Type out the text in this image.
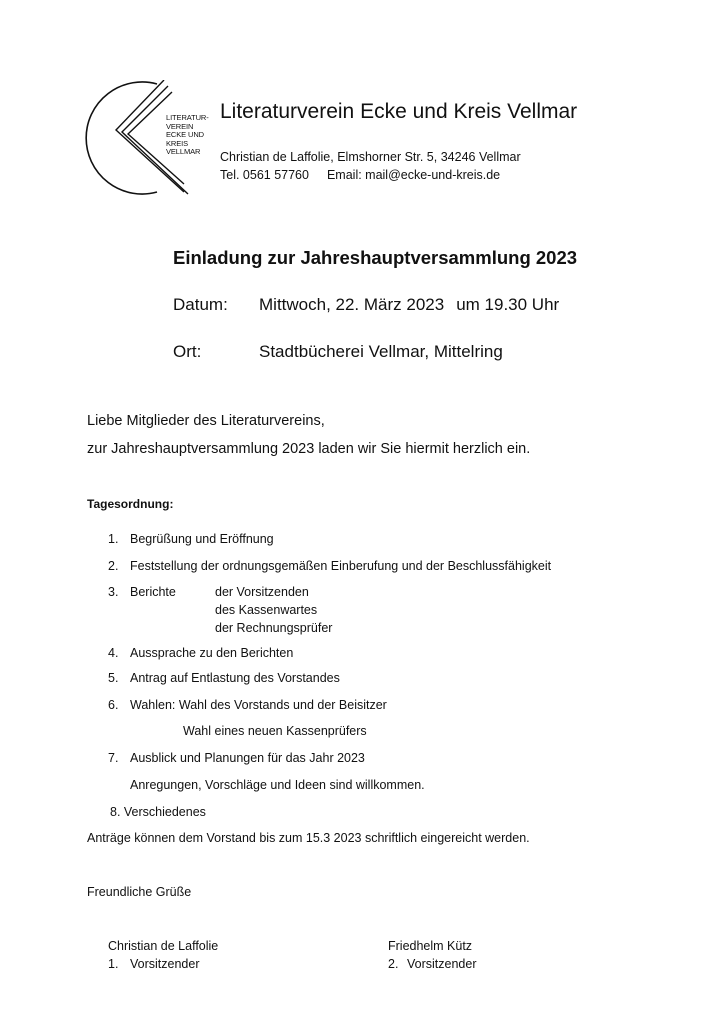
LITERATUR-
VEREIN
ECKE UND
KREIS
VELLMAR
Literaturverein Ecke und Kreis Vellmar
Christian de Laffolie, Elmshorner Str. 5, 34246 Vellmar
Tel. 0561 57760 Email: mail@ecke-und-kreis.de
Einladung zur Jahreshauptversammlung 2023
Datum: Mittwoch, 22. März 2023 um 19.30 Uhr
Ort:	Stadtbücherei Vellmar, Mittelring
Liebe Mitglieder des Literaturvereins,
zur Jahreshauptversammlung 2023 laden wir Sie hiermit herzlich ein.
Tagesordnung:
1. Begrüßung und Eröffnung
2. Feststellung der ordnungsgemäßen Einberufung und der Beschlussfähigkeit
3. Berichte	der Vorsitzenden
des Kassenwartes
der Rechnungsprüfer
4. Aussprache zu den Berichten
5. Antrag auf Entlastung des Vorstandes
6. Wahlen: Wahl des Vorstands und der Beisitzer
Wahl eines neuen Kassenprüfers
7. Ausblick und Planungen für das Jahr 2023
Anregungen, Vorschläge und Ideen sind willkommen.
8. Verschiedenes
Anträge können dem Vorstand bis zum 15.3 2023 schriftlich eingereicht werden.
Freundliche Grüße
Christian de Laffolie
1. Vorsitzender
Friedhelm Kütz
2. Vorsitzender
